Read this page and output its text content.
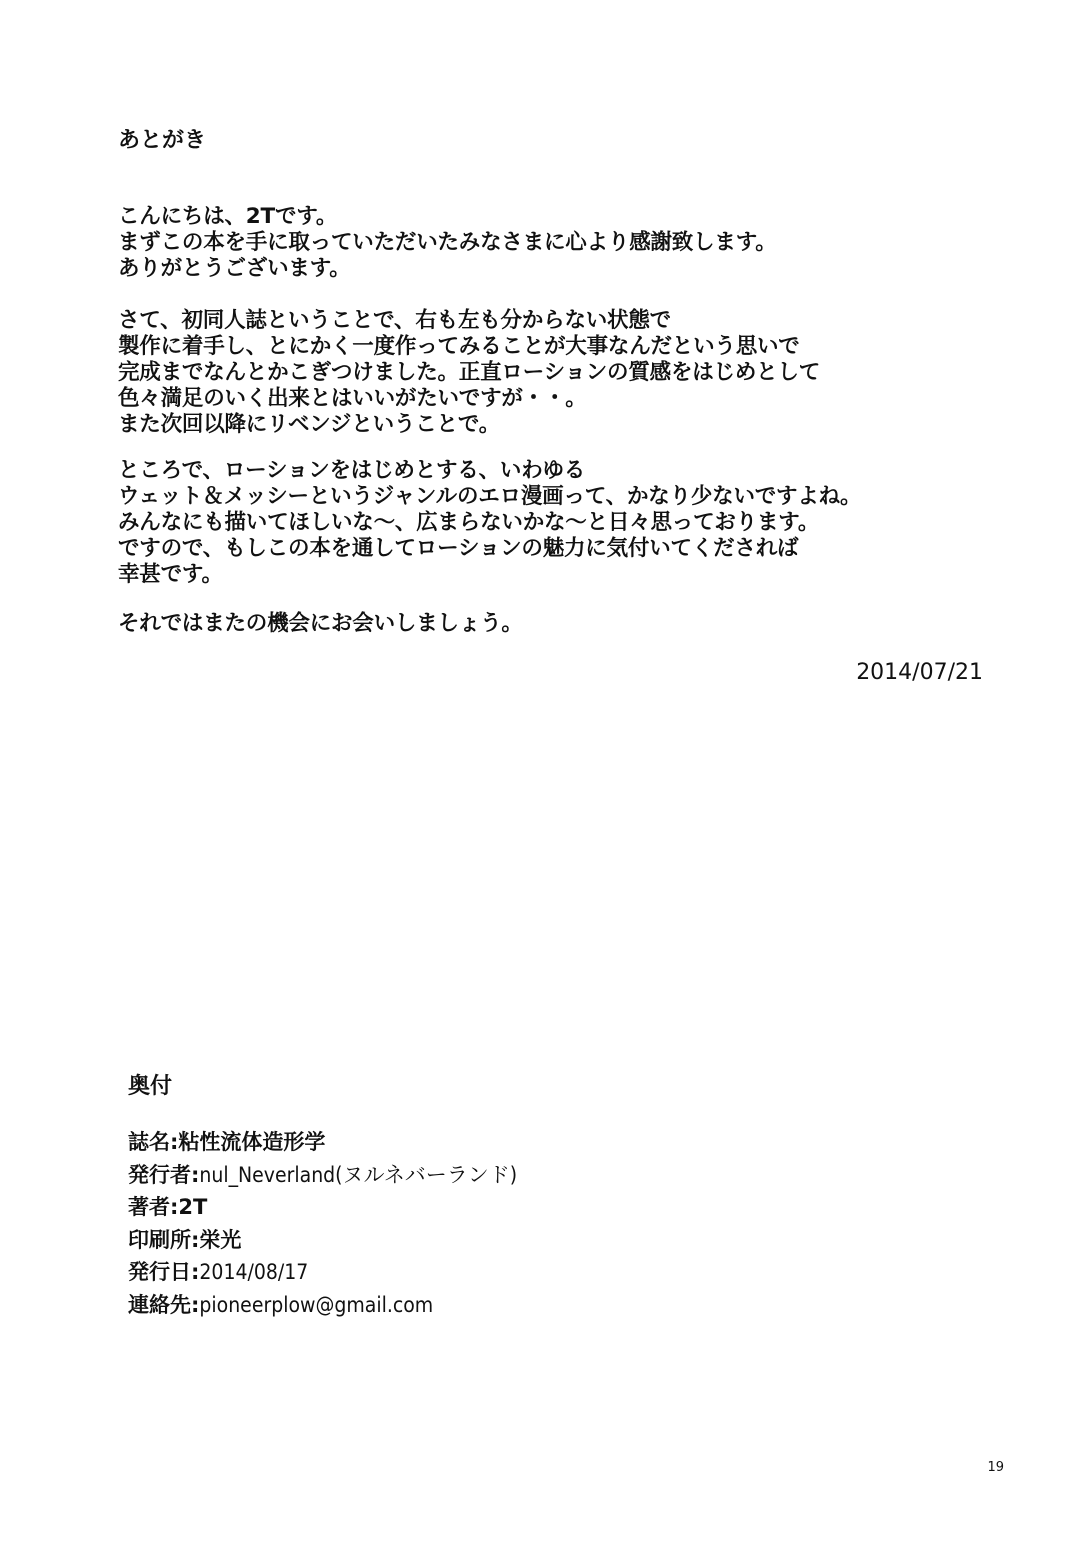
あとがき
こんにちは、2Tです。
まずこの本を手に取っていただいたみなさまに心より感謝致します。
ありがとうございます。
さて、初同人誌ということで、右も左も分からない状態で
製作に着手し、とにかく一度作ってみることが大事なんだという思いで
完成までなんとかこぎつけました。正直ローションの質感をはじめとして
色々満足のいく出来とはいいがたいですが・・。
また次回以降にリベンジということで。
ところで、ローションをはじめとする、いわゆる
ウェット＆メッシーというジャンルのエロ漫画って、かなり少ないですよね。
みんなにも描いてほしいな～、広まらないかな～と日々思っております。
ですので、もしこの本を通してローションの魅力に気付いてくだされば
幸甚です。
それではまたの機会にお会いしましょう。
2014/07/21
奥付
誌名:粘性流体造形学
発行者:nul_Neverland(ヌルネバーランド)
著者:2T
印刷所:栄光
発行日:2014/08/17
連絡先:pioneerplow@gmail.com
19
